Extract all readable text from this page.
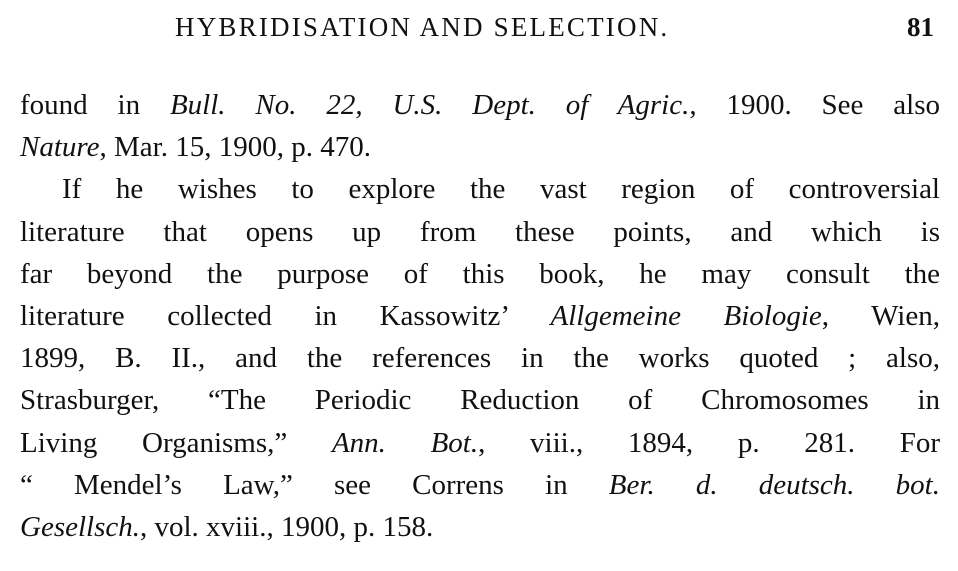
HYBRIDISATION AND SELECTION.	81
found in Bull. No. 22, U.S. Dept. of Agric., 1900. See also
Nature, Mar. 15, 1900, p. 470.
If he wishes to explore the vast region of controversial
literature that opens up from these points, and which is
far beyond the purpose of this book, he may consult the
literature collected in Kassowitz’ Allgemeine Biologie, Wien,
1899, B. II., and the references in the works quoted ; also,
Strasburger, “The Periodic Reduction of Chromosomes in
Living Organisms,” Ann. Bot., viii., 1894, p. 281. For
“ Mendel’s Law,” see Correns in Ber. d. deutsch. bot.
Gesellsch., vol. xviii., 1900, p. 158.
